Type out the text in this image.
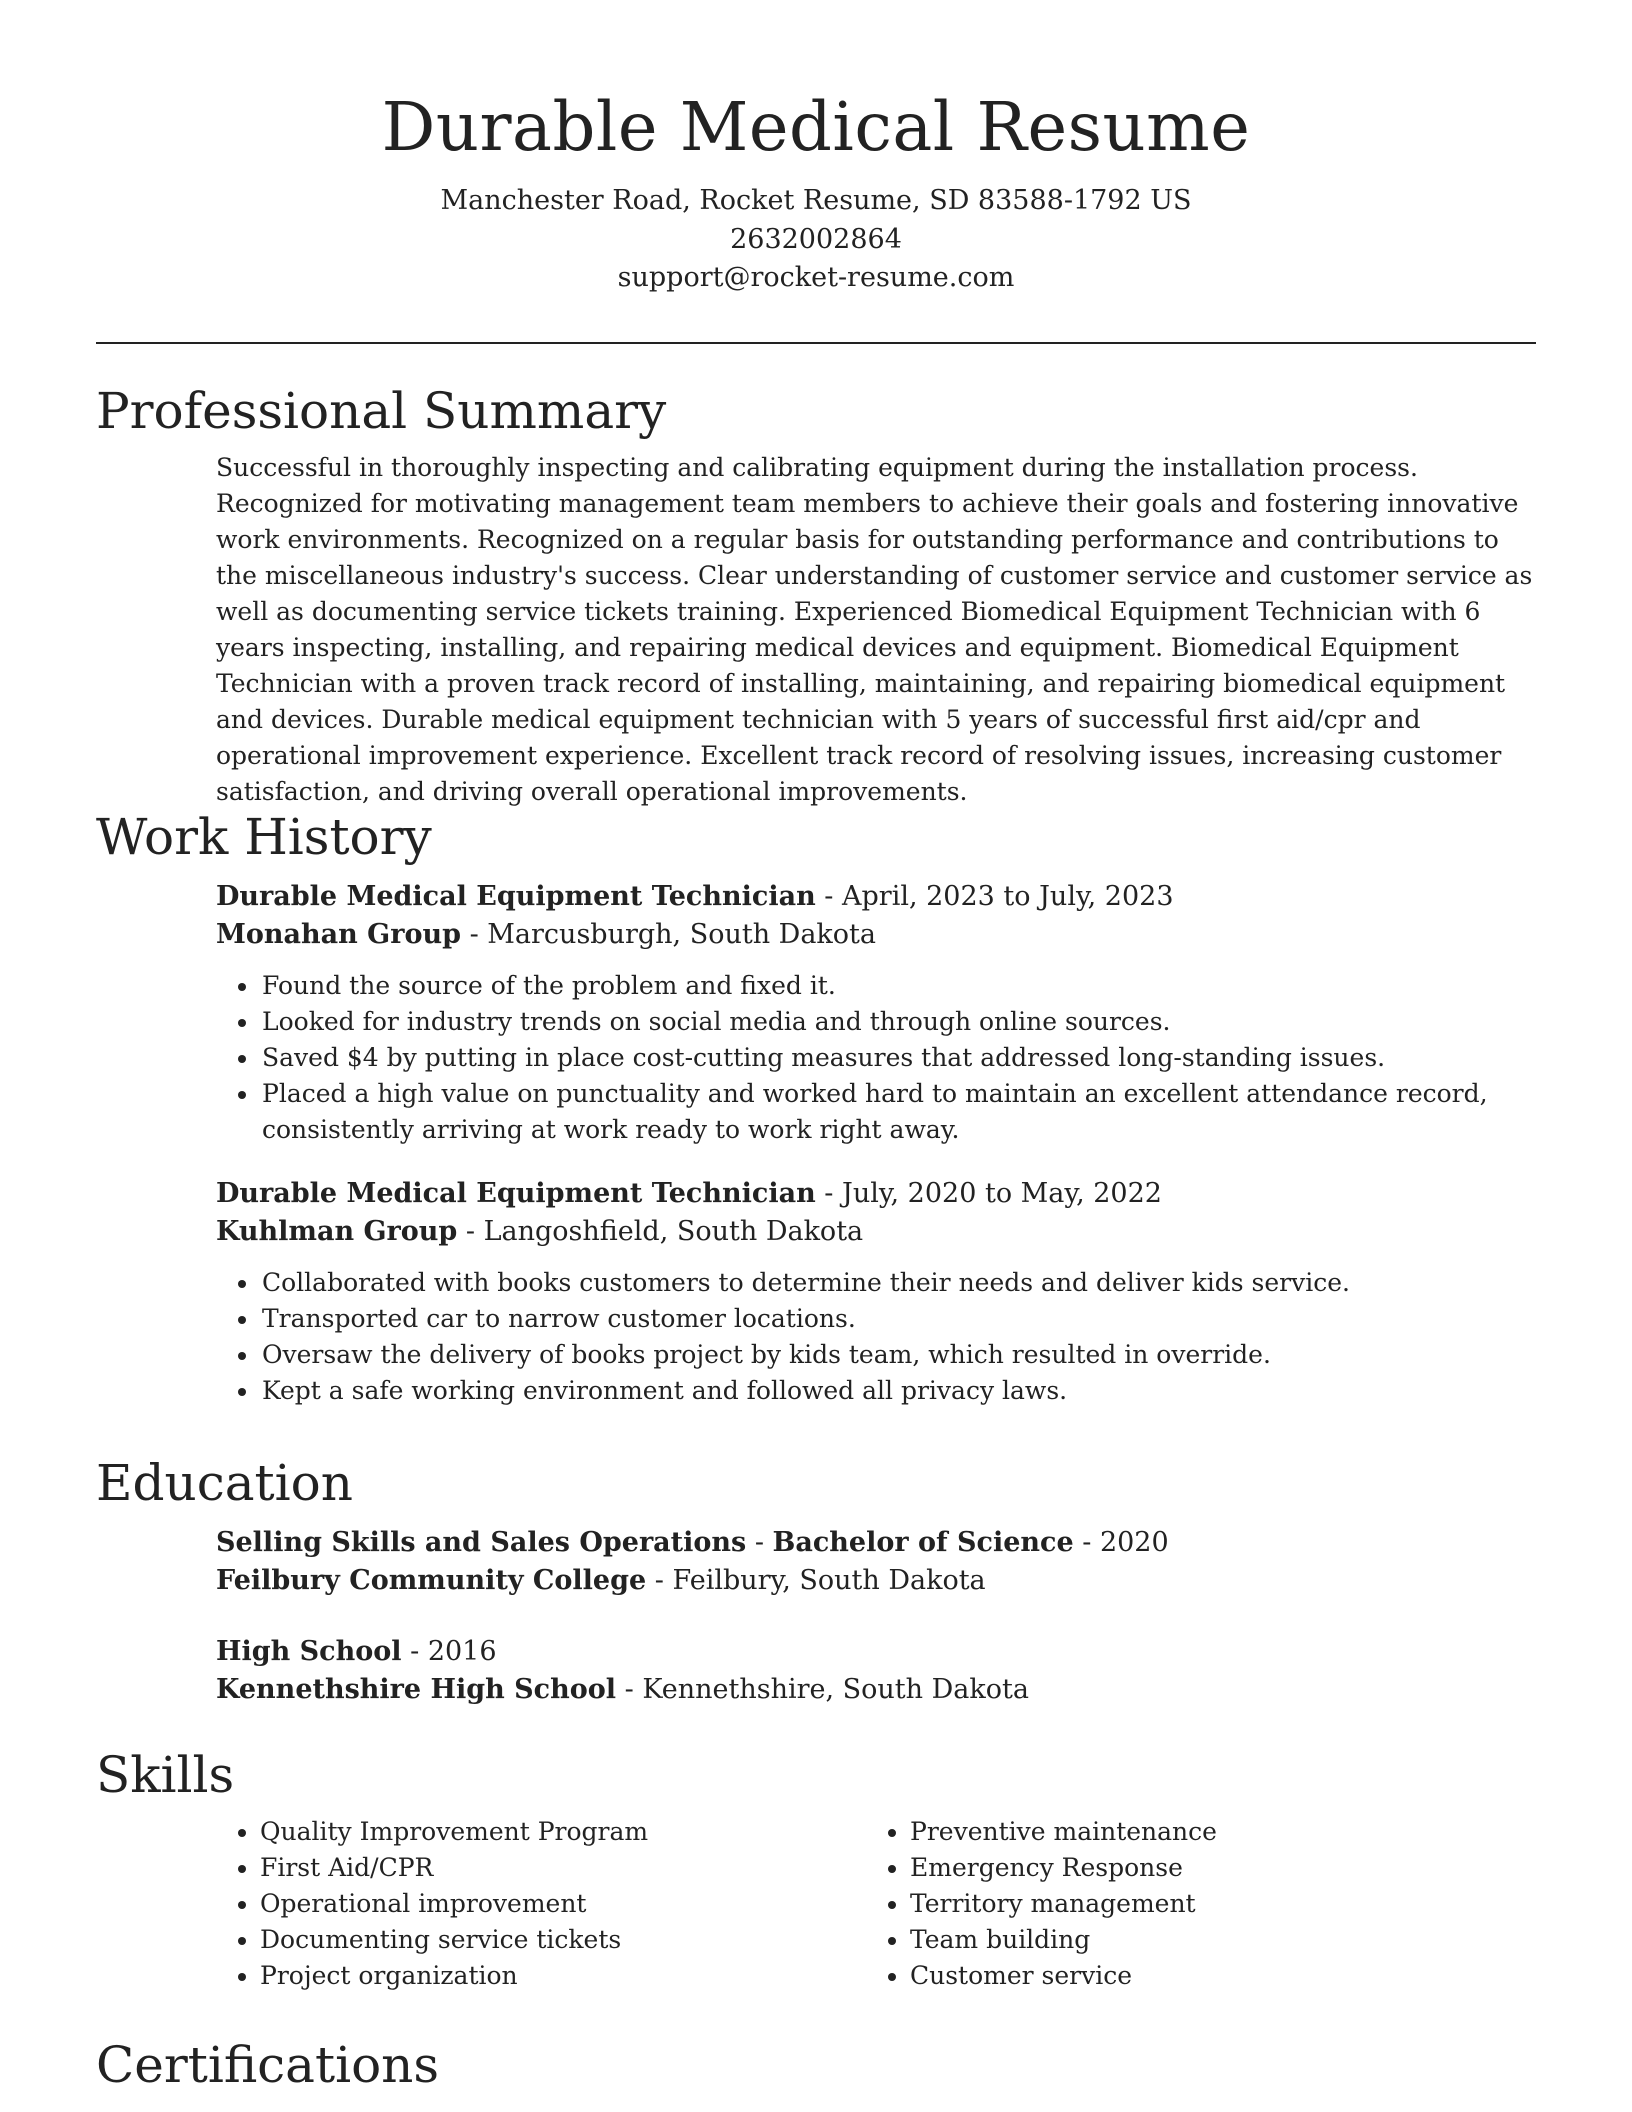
Durable Medical Resume
Manchester Road, Rocket Resume, SD 83588-1792 US
2632002864
support@rocket-resume.com
Professional Summary

Successful in thoroughly inspecting and calibrating equipment during the installation process. Recognized for motivating management team members to achieve their goals and fostering innovative work environments. Recognized on a regular basis for outstanding performance and contributions to the miscellaneous industry's success. Clear understanding of customer service and customer service as well as documenting service tickets training. Experienced Biomedical Equipment Technician with 6 years inspecting, installing, and repairing medical devices and equipment. Biomedical Equipment Technician with a proven track record of installing, maintaining, and repairing biomedical equipment and devices. Durable medical equipment technician with 5 years of successful first aid/cpr and operational improvement experience. Excellent track record of resolving issues, increasing customer satisfaction, and driving overall operational improvements.

Work History
Durable Medical Equipment Technician - April, 2023 to July, 2023
Monahan Group - Marcusburgh, South Dakota
• Found the source of the problem and fixed it.
• Looked for industry trends on social media and through online sources.
• Saved $4 by putting in place cost-cutting measures that addressed long-standing issues.
• Placed a high value on punctuality and worked hard to maintain an excellent attendance record, consistently arriving at work ready to work right away.
Durable Medical Equipment Technician - July, 2020 to May, 2022
Kuhlman Group - Langoshfield, South Dakota
• Collaborated with books customers to determine their needs and deliver kids service.
• Transported car to narrow customer locations.
• Oversaw the delivery of books project by kids team, which resulted in override.
• Kept a safe working environment and followed all privacy laws.
Education
Selling Skills and Sales Operations - Bachelor of Science - 2020
Feilbury Community College - Feilbury, South Dakota
High School - 2016
Kennethshire High School - Kennethshire, South Dakota
Skills
• Quality Improvement Program
• First Aid/CPR
• Operational improvement
• Documenting service tickets
• Project organization
• Preventive maintenance
• Emergency Response
• Territory management
• Team building
• Customer service
Certifications
